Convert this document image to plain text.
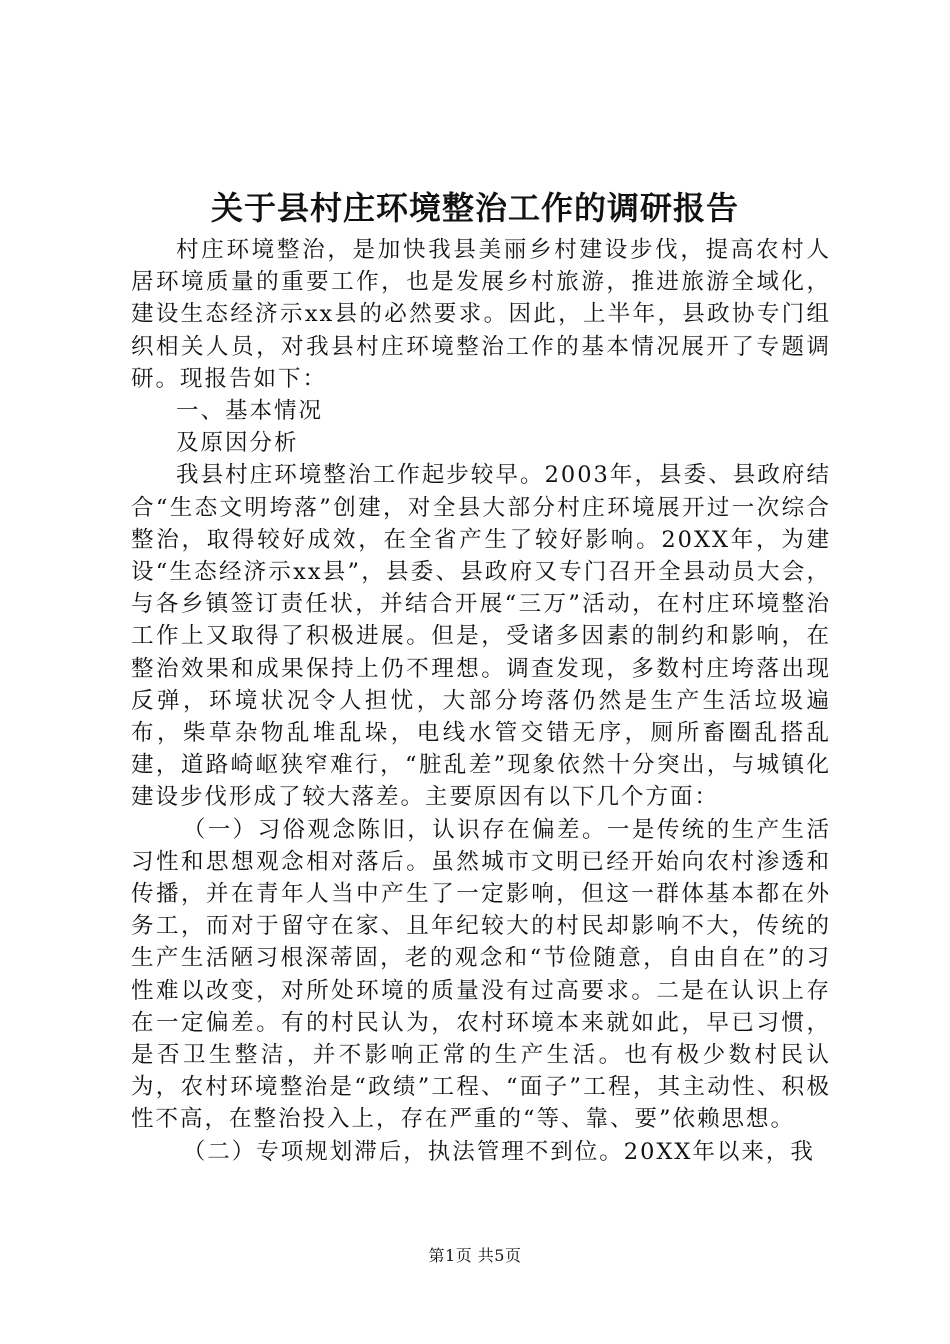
关于县村庄环境整治工作的调研报告

村庄环境整治，是加快我县美丽乡村建设步伐，提高农村人居环境质量的重要工作，也是发展乡村旅游，推进旅游全域化，建设生态经济示xx县的必然要求。因此，上半年，县政协专门组织相关人员，对我县村庄环境整治工作的基本情况展开了专题调研。现报告如下：

一、基本情况

及原因分析

我县村庄环境整治工作起步较早。2003年，县委、县政府结合“生态文明垮落”创建，对全县大部分村庄环境展开过一次综合整治，取得较好成效，在全省产生了较好影响。20XX年，为建设“生态经济示xx县”，县委、县政府又专门召开全县动员大会，与各乡镇签订责任状，并结合开展“三万”活动，在村庄环境整治工作上又取得了积极进展。但是，受诸多因素的制约和影响，在整治效果和成果保持上仍不理想。调查发现，多数村庄垮落出现反弹，环境状况令人担忧，大部分垮落仍然是生产生活垃圾遍布，柴草杂物乱堆乱垛，电线水管交错无序，厕所畜圈乱搭乱建，道路崎岖狭窄难行，“脏乱差”现象依然十分突出，与城镇化建设步伐形成了较大落差。主要原因有以下几个方面：

（一）习俗观念陈旧，认识存在偏差。一是传统的生产生活习性和思想观念相对落后。虽然城市文明已经开始向农村渗透和传播，并在青年人当中产生了一定影响，但这一群体基本都在外务工，而对于留守在家、且年纪较大的村民却影响不大，传统的生产生活陋习根深蒂固，老的观念和“节俭随意，自由自在”的习性难以改变，对所处环境的质量没有过高要求。二是在认识上存在一定偏差。有的村民认为，农村环境本来就如此，早已习惯，是否卫生整洁，并不影响正常的生产生活。也有极少数村民认为，农村环境整治是“政绩”工程、“面子”工程，其主动性、积极性不高，在整治投入上，存在严重的“等、靠、要”依赖思想。

（二）专项规划滞后，执法管理不到位。20XX年以来，我

第1页 共5页
